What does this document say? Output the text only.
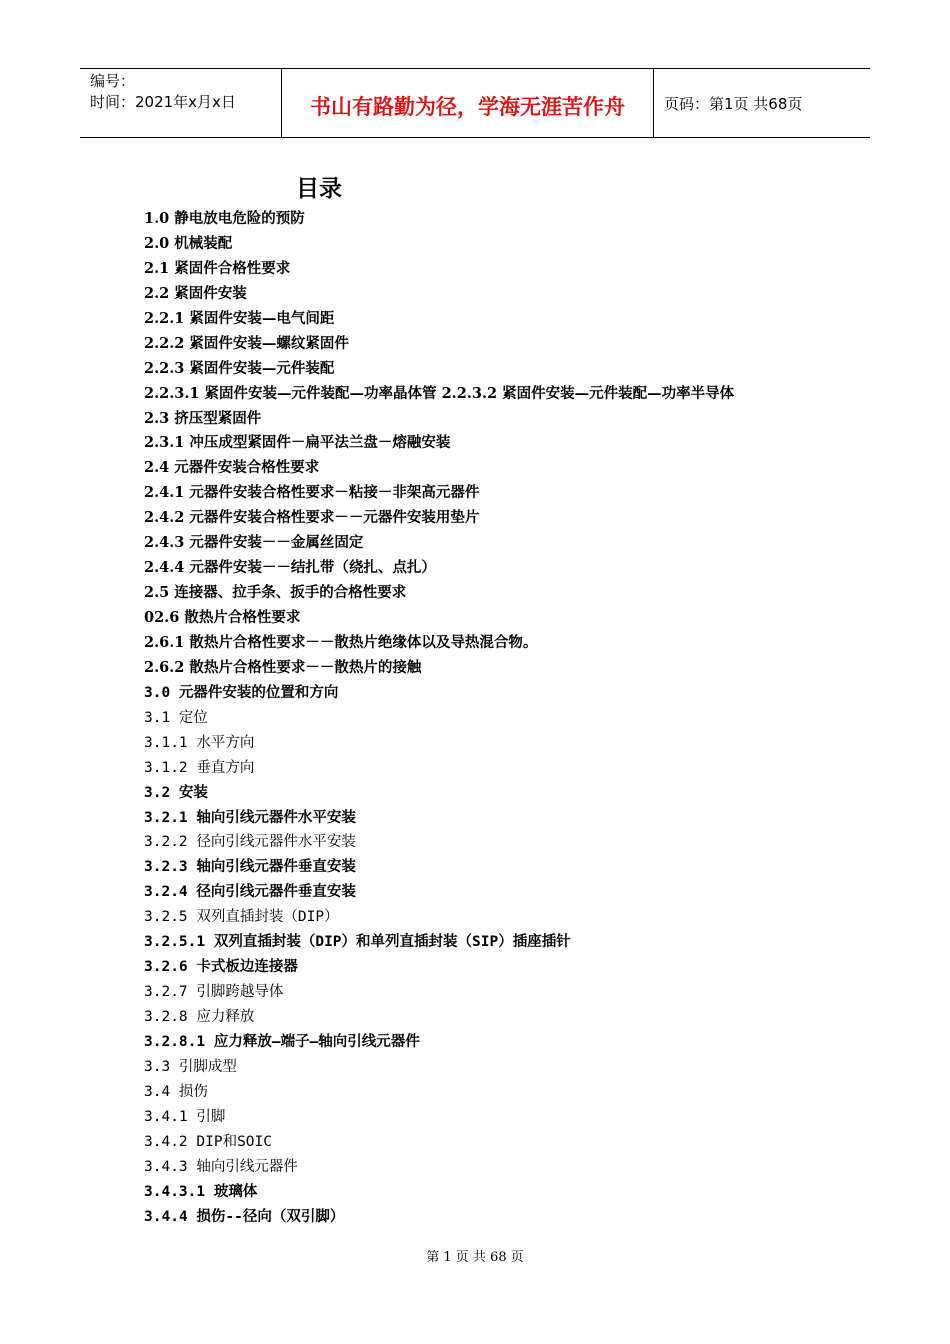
编号：
时间：2021年x月x日	书山有路勤为径，学海无涯苦作舟	页码：第1页 共68页
目录
1.0 静电放电危险的预防
2.0 机械装配
2.1 紧固件合格性要求
2.2 紧固件安装
2.2.1 紧固件安装—电气间距
2.2.2 紧固件安装—螺纹紧固件
2.2.3 紧固件安装—元件装配
2.2.3.1 紧固件安装—元件装配—功率晶体管 2.2.3.2 紧固件安装—元件装配—功率半导体
2.3 挤压型紧固件
2.3.1 冲压成型紧固件－扁平法兰盘－熔融安装
2.4 元器件安装合格性要求
2.4.1 元器件安装合格性要求－粘接－非架高元器件
2.4.2 元器件安装合格性要求－－元器件安装用垫片
2.4.3 元器件安装－－金属丝固定
2.4.4 元器件安装－－结扎带（绕扎、点扎）
2.5 连接器、拉手条、扳手的合格性要求
02.6 散热片合格性要求
2.6.1 散热片合格性要求－－散热片绝缘体以及导热混合物。
2.6.2 散热片合格性要求－－散热片的接触
3.0 元器件安装的位置和方向
3.1 定位
3.1.1 水平方向
3.1.2 垂直方向
3.2 安装
3.2.1 轴向引线元器件水平安装
3.2.2 径向引线元器件水平安装
3.2.3 轴向引线元器件垂直安装
3.2.4 径向引线元器件垂直安装
3.2.5 双列直插封装（DIP）
3.2.5.1 双列直插封装（DIP）和单列直插封装（SIP）插座插针
3.2.6 卡式板边连接器
3.2.7 引脚跨越导体
3.2.8 应力释放
3.2.8.1 应力释放—端子—轴向引线元器件
3.3 引脚成型
3.4 损伤
3.4.1 引脚
3.4.2 DIP和SOIC
3.4.3 轴向引线元器件
3.4.3.1 玻璃体
3.4.4 损伤--径向（双引脚）
第 1 页 共 68 页
